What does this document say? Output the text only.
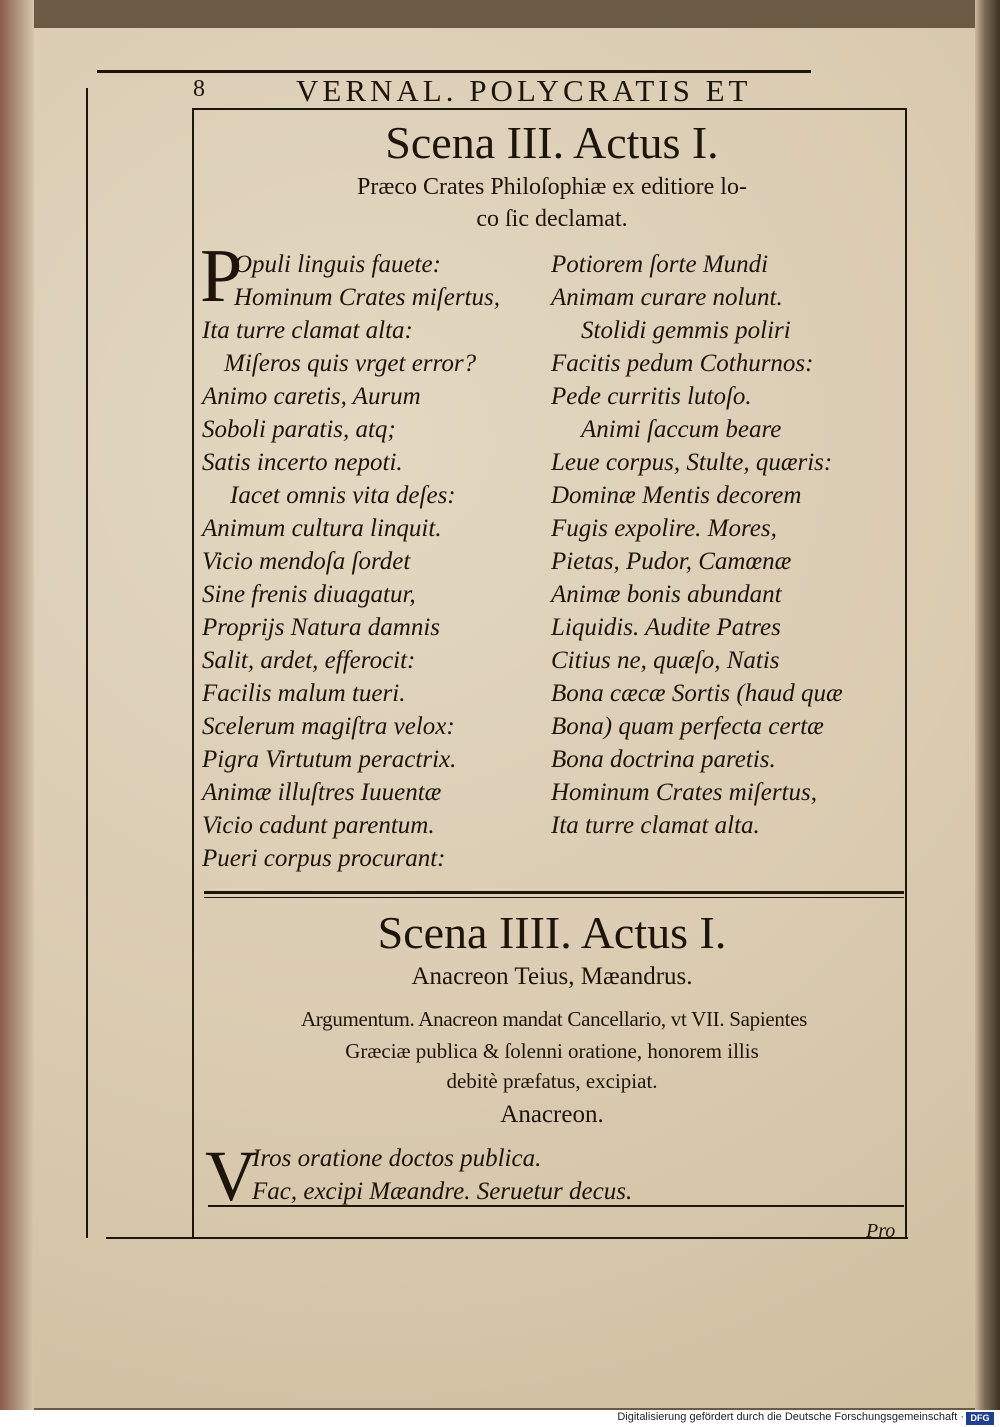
8	VERNAL. POLYCRATIS ET
Scena III. Actus I.
Præco Crates Philoſophiæ ex editiore lo-
co ſic declamat.
P
Opuli linguis fauete:
Hominum Crates miſertus,
Ita turre clamat alta:
Miſeros quis vrget error?
Animo caretis, Aurum
Soboli paratis, atq;
Satis incerto nepoti.
Iacet omnis vita deſes:
Animum cultura linquit.
Vicio mendoſa ſordet
Sine frenis diuagatur,
Proprijs Natura damnis
Salit, ardet, efferocit:
Facilis malum tueri.
Scelerum magiſtra velox:
Pigra Virtutum peractrix.
Animæ illuſtres Iuuentæ
Vicio cadunt parentum.
Pueri corpus procurant:
Potiorem ſorte Mundi
Animam curare nolunt.
Stolidi gemmis poliri
Facitis pedum Cothurnos:
Pede curritis lutoſo.
Animi ſaccum beare
Leue corpus, Stulte, quæris:
Dominæ Mentis decorem
Fugis expolire. Mores,
Pietas, Pudor, Camœnæ
Animæ bonis abundant
Liquidis. Audite Patres
Citius ne, quæſo, Natis
Bona cæcæ Sortis (haud quæ
Bona) quam perfecta certæ
Bona doctrina paretis.
Hominum Crates miſertus,
Ita turre clamat alta.
Scena IIII. Actus I.
Anacreon Teius, Mæandrus.
Argumentum. Anacreon mandat Cancellario, vt VII. Sapientes
Græciæ publica & ſolenni oratione, honorem illis
debitè præfatus, excipiat.
Anacreon.
V
Iros oratione doctos publica.
Fac, excipi Mæandre. Seruetur decus.
Pro
Digitalisierung gefördert durch die Deutsche Forschungsgemeinschaft · DFG
